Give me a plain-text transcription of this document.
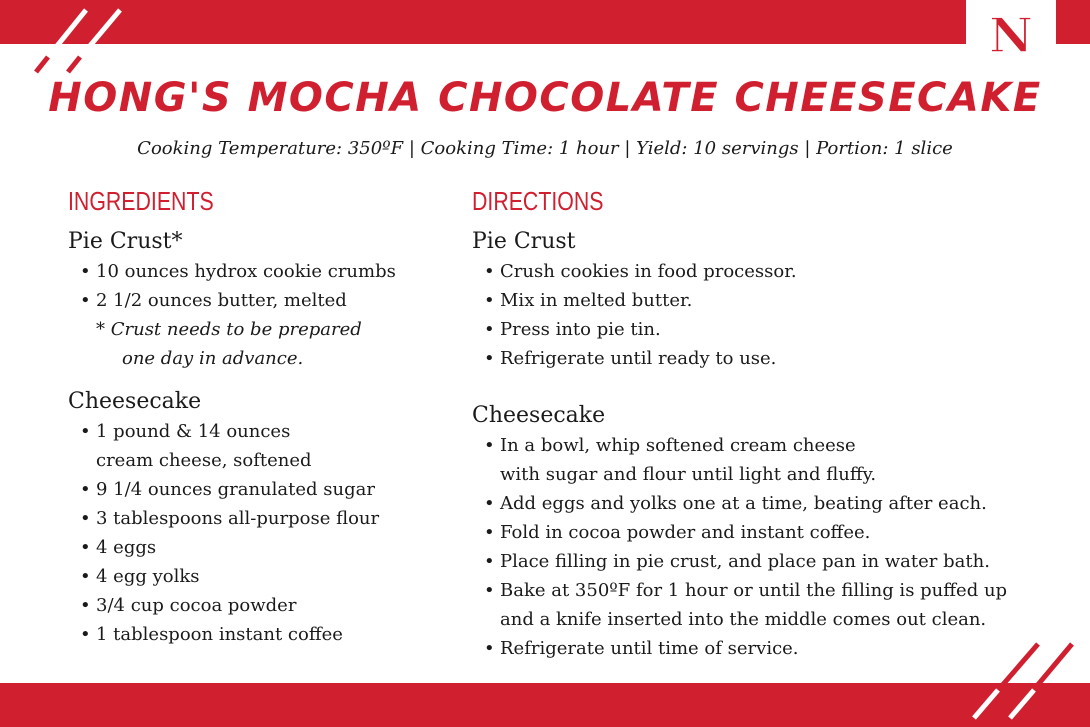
N
HONG'S MOCHA CHOCOLATE CHEESECAKE

Cooking Temperature: 350ºF | Cooking Time: 1 hour | Yield: 10 servings | Portion: 1 slice

INGREDIENTS
Pie Crust*
• 10 ounces hydrox cookie crumbs
• 2 1/2 ounces butter, melted
* Crust needs to be prepared
one day in advance.
Cheesecake
• 1 pound & 14 ounces
cream cheese, softened
• 9 1/4 ounces granulated sugar
• 3 tablespoons all-purpose flour
• 4 eggs
• 4 egg yolks
• 3/4 cup cocoa powder
• 1 tablespoon instant coffee
DIRECTIONS
Pie Crust
• Crush cookies in food processor.
• Mix in melted butter.
• Press into pie tin.
• Refrigerate until ready to use.
Cheesecake
• In a bowl, whip softened cream cheese
with sugar and flour until light and fluffy.
• Add eggs and yolks one at a time, beating after each.
• Fold in cocoa powder and instant coffee.
• Place filling in pie crust, and place pan in water bath.
• Bake at 350ºF for 1 hour or until the filling is puffed up
and a knife inserted into the middle comes out clean.
• Refrigerate until time of service.
